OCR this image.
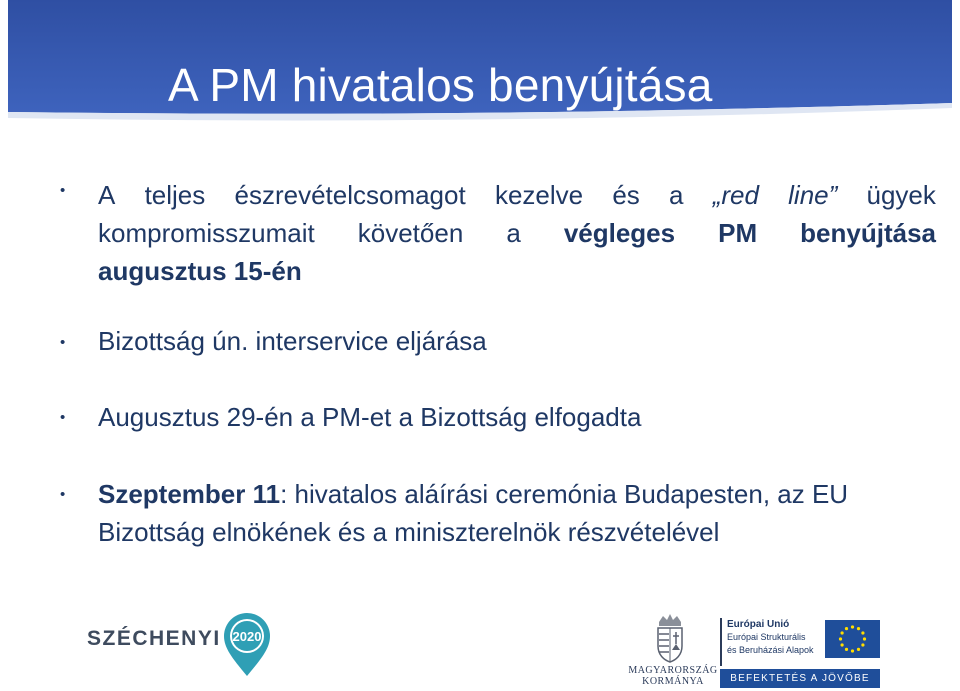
A PM hivatalos benyújtása
• A teljes észrevételcsomagot kezelve és a „red line” ügyek
kompromisszumait követően a végleges PM benyújtása
augusztus 15-én
• Bizottság ún. interservice eljárása
• Augusztus 29-én a PM-et a Bizottság elfogadta
• Szeptember 11: hivatalos aláírási ceremónia Budapesten, az EU
Bizottság elnökének és a miniszterelnök részvételével
SZÉCHENYI 2020
MAGYARORSZÁG
KORMÁNYA
Európai Unió
Európai Strukturális
és Beruházási Alapok
BEFEKTETÉS A JÖVŐBE
